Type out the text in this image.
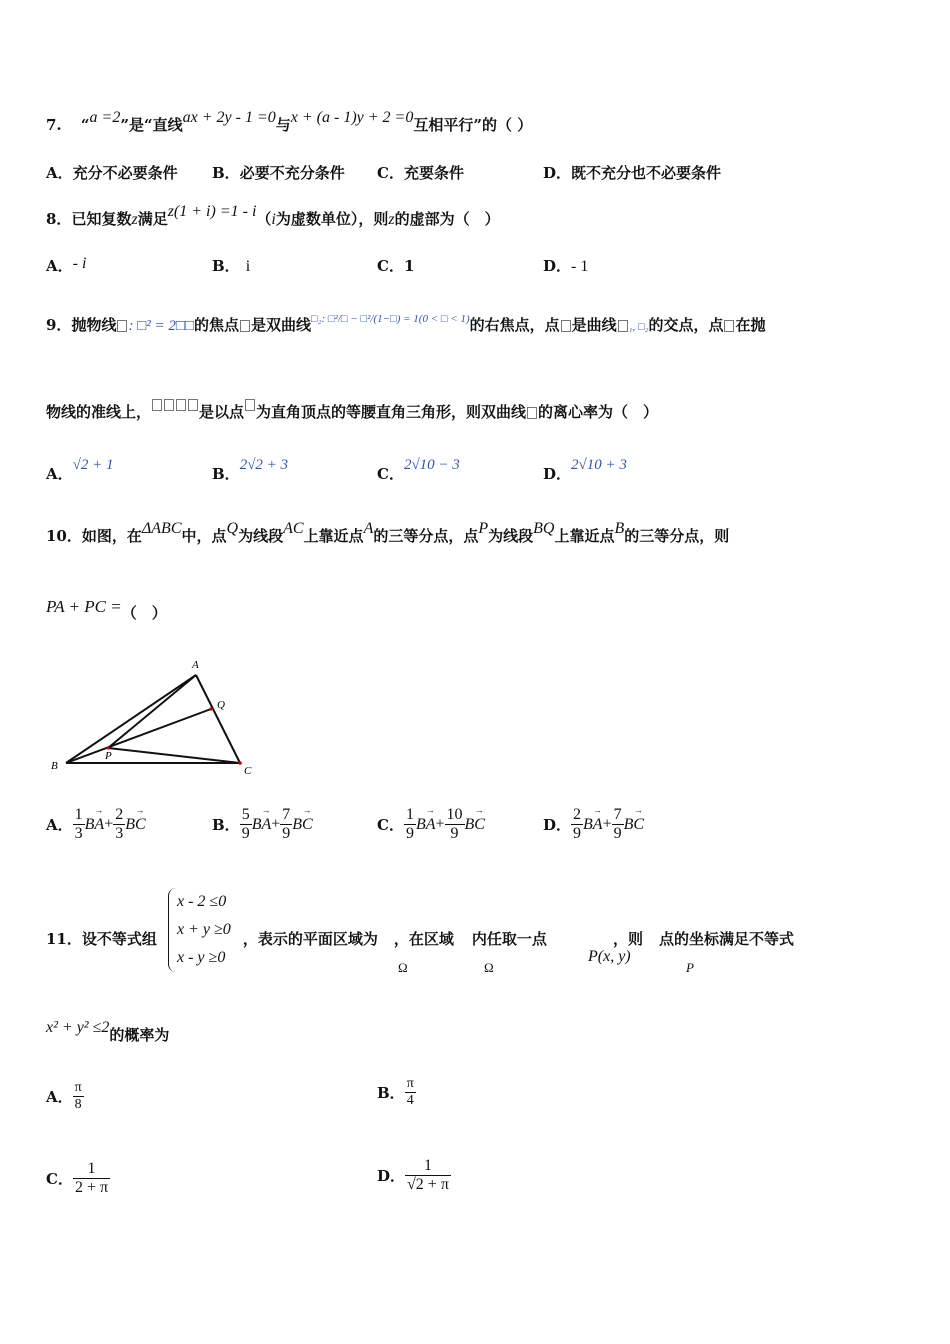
7. “a =2”是“直线ax + 2y - 1 =0与x + (a - 1)y + 2 =0互相平行”的（ ）
A．充分不必要条件 B．必要不充分条件 C．充要条件	D．既不充分也不必要条件
8．已知复数z满足z(1 + i) =1 - i（i为虚数单位），则z的虚部为（　）
A．- i	B． i	C．1	D．- 1
9．抛物线 : □² = 2□□的焦点 是双曲线$^{□_2: □^2/□ - □^2/(1-□) = 1(0 < □ < 1)}$的右焦点，点 是曲线 ₁, □₂的交点，点 在抛
物线的准线上，	是以点 为直角顶点的等腰直角三角形，则双曲线 的离心率为（　）
A．√2 + 1	B．2√2 + 3	C．2√10 − 3	D．2√10 + 3
10．如图，在ΔABC中，点Q为线段AC上靠近点A的三等分点，点P为线段BQ上靠近点B的三等分点，则
PA + PC =（　）
A
B	C
P
Q
A． $\frac{1}{3}$
→ $BA+ \frac{2}{3}$
→ BC	B． $\frac{5}{9}$
→ $BA+ \frac{7}{9}$
→ BC	C． $\frac{1}{9}$
→ $BA+ \frac{10}{9}$
→ BC	D． $\frac{2}{9}$
→ $BA+ \frac{7}{9}$
→ BC
11．设不等式组	，表示的平面区域为 ，在区域 内任取一点	，则 点的坐标满足不等式
x - 2 ≤0
x + y ≥0
x - y ≥0
Ω	Ω
P(x, y)
P
x² + y² ≤2的概率为
A． $\frac{\pi}{8}$	B． $\frac{\pi}{4}$
C． $\frac{1}{2 + \pi}$	D． $\frac{1}{√2 + \pi}$
